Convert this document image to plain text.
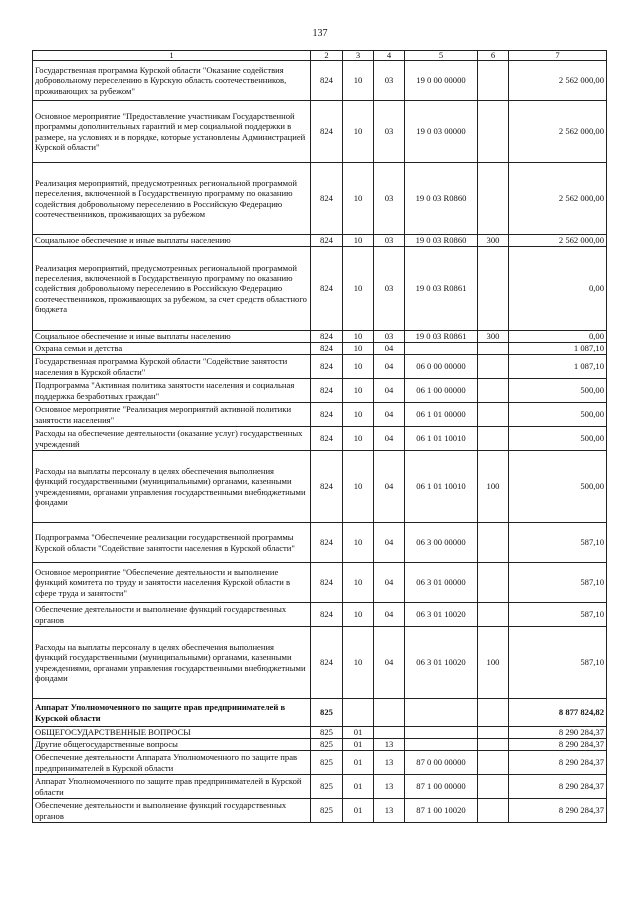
137
1	2	3	4	5	6	7
Государственная программа Курской области "Оказание содействия добровольному переселению в Курскую область соотечественников, проживающих за рубежом"	824	10	03	19 0 00 00000		2 562 000,00
Основное мероприятие "Предоставление участникам Государственной программы дополнительных гарантий и мер социальной поддержки в размере, на условиях и в порядке, которые установлены Администрацией Курской области"	824	10	03	19 0 03 00000		2 562 000,00
Реализация мероприятий, предусмотренных региональной программой переселения, включенной в Государственную программу по оказанию содействия добровольному переселению в Российскую Федерацию соотечественников, проживающих за рубежом	824	10	03	19 0 03 R0860		2 562 000,00
Социальное обеспечение и иные выплаты населению	824	10	03	19 0 03 R0860	300	2 562 000,00
Реализация мероприятий, предусмотренных региональной программой переселения, включенной в Государственную программу по оказанию содействия добровольному переселению в Российскую Федерацию соотечественников, проживающих за рубежом, за счет средств областного бюджета	824	10	03	19 0 03 R0861		0,00
Социальное обеспечение и иные выплаты населению	824	10	03	19 0 03 R0861	300	0,00
Охрана семьи и детства	824	10	04			1 087,10
Государственная программа Курской области "Содействие занятости населения в Курской области"	824	10	04	06 0 00 00000		1 087,10
Подпрограмма "Активная политика занятости населения и социальная поддержка безработных граждан"	824	10	04	06 1 00 00000		500,00
Основное мероприятие "Реализация мероприятий активной политики занятости населения"	824	10	04	06 1 01 00000		500,00
Расходы на обеспечение деятельности (оказание услуг) государственных учреждений	824	10	04	06 1 01 10010		500,00
Расходы на выплаты персоналу в целях обеспечения выполнения функций государственными (муниципальными) органами, казенными учреждениями, органами управления государственными внебюджетными фондами	824	10	04	06 1 01 10010	100	500,00
Подпрограмма "Обеспечение реализации государственной программы Курской области "Содействие занятости населения в Курской области"	824	10	04	06 3 00 00000		587,10
Основное мероприятие "Обеспечение деятельности и выполнение функций комитета по труду и занятости населения Курской области в сфере труда и занятости"	824	10	04	06 3 01 00000		587,10
Обеспечение деятельности и выполнение функций государственных органов	824	10	04	06 3 01 10020		587,10
Расходы на выплаты персоналу в целях обеспечения выполнения функций государственными (муниципальными) органами, казенными учреждениями, органами управления государственными внебюджетными фондами	824	10	04	06 3 01 10020	100	587,10
Аппарат Уполномоченного по защите прав предпринимателей в Курской области	825					8 877 824,82
ОБЩЕГОСУДАРСТВЕННЫЕ ВОПРОСЫ	825	01				8 290 284,37
Другие общегосударственные вопросы	825	01	13			8 290 284,37
Обеспечение деятельности Аппарата Уполномоченного по защите прав предпринимателей в Курской области	825	01	13	87 0 00 00000		8 290 284,37
Аппарат Уполномоченного по защите прав предпринимателей в Курской области	825	01	13	87 1 00 00000		8 290 284,37
Обеспечение деятельности и выполнение функций государственных органов	825	01	13	87 1 00 10020		8 290 284,37
